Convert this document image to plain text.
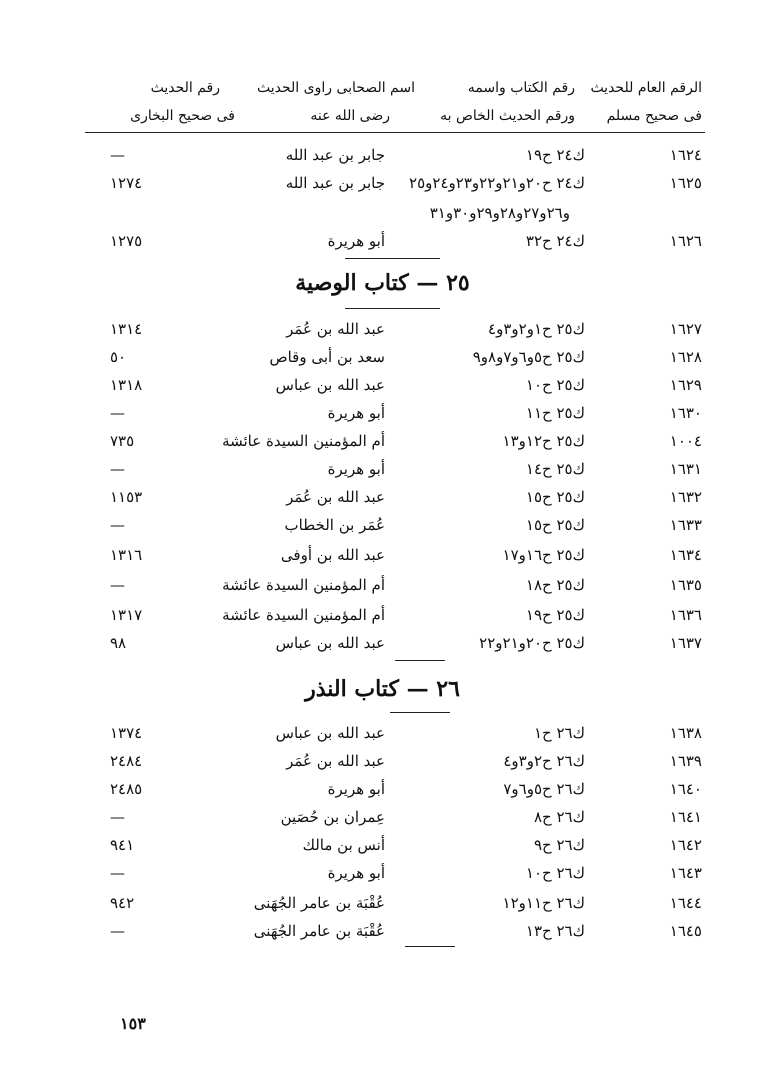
الرقم العام للحديث
فى صحيح مسلم
رقم الكتاب واسمه
ورقم الحديث الخاص به
اسم الصحابى راوى الحديث
رضى الله عنه
رقم الحديث
فى صحيح البخارى
١٦٢٤
ك٢٤ ح١٩
جابر بن عبد الله
—
١٦٢٥
ك٢٤ ح٢٠و٢١و٢٢و٢٣و٢٤و٢٥
جابر بن عبد الله
١٢٧٤
و٢٦و٢٧و٢٨و٢٩و٣٠و٣١
١٦٢٦
ك٢٤ ح٣٢
أبو هريرة
١٢٧٥
٢٥ — كتاب الوصية
١٦٢٧
ك٢٥ ح١و٢و٣و٤
عبد الله بن عُمَر
١٣١٤
١٦٢٨
ك٢٥ ح٥و٦و٧و٨و٩
سعد بن أبى وقاص
٥٠
١٦٢٩
ك٢٥ ح١٠
عبد الله بن عباس
١٣١٨
١٦٣٠
ك٢٥ ح١١
أبو هريرة
—
١٠٠٤
ك٢٥ ح١٢و١٣
أم المؤمنين السيدة عائشة
٧٣٥
١٦٣١
ك٢٥ ح١٤
أبو هريرة
—
١٦٣٢
ك٢٥ ح١٥
عبد الله بن عُمَر
١١٥٣
١٦٣٣
ك٢٥ ح١٥
عُمَر بن الخطاب
—
١٦٣٤
ك٢٥ ح١٦و١٧
عبد الله بن أوفى
١٣١٦
١٦٣٥
ك٢٥ ح١٨
أم المؤمنين السيدة عائشة
—
١٦٣٦
ك٢٥ ح١٩
أم المؤمنين السيدة عائشة
١٣١٧
١٦٣٧
ك٢٥ ح٢٠و٢١و٢٢
عبد الله بن عباس
٩٨
٢٦ — كتاب النذر
١٦٣٨
ك٢٦ ح١
عبد الله بن عباس
١٣٧٤
١٦٣٩
ك٢٦ ح٢و٣و٤
عبد الله بن عُمَر
٢٤٨٤
١٦٤٠
ك٢٦ ح٥و٦و٧
أبو هريرة
٢٤٨٥
١٦٤١
ك٢٦ ح٨
عِمران بن حُصَين
—
١٦٤٢
ك٢٦ ح٩
أنس بن مالك
٩٤١
١٦٤٣
ك٢٦ ح١٠
أبو هريرة
—
١٦٤٤
ك٢٦ ح١١و١٢
عُقْبَة بن عامر الجُهَنى
٩٤٢
١٦٤٥
ك٢٦ ح١٣
عُقْبَة بن عامر الجُهَنى
—
١٥٣
